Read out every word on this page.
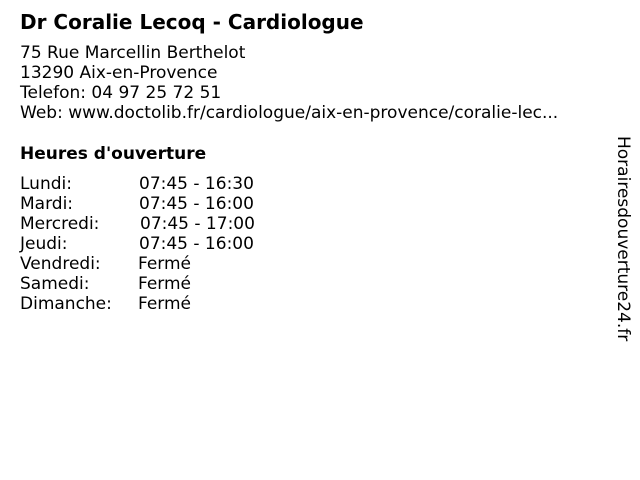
Dr Coralie Lecoq - Cardiologue
75 Rue Marcellin Berthelot
13290 Aix-en-Provence
Telefon: 04 97 25 72 51
Web: www.doctolib.fr/cardiologue/aix-en-provence/coralie-lec...
Heures d'ouverture
Lundi:	07:45 - 16:30
Mardi:	07:45 - 16:00
Mercredi: 07:45 - 17:00
Jeudi:	07:45 - 16:00
Vendredi: Fermé
Samedi:	Fermé
Dimanche: Fermé	Horairesdouverture24.fr
